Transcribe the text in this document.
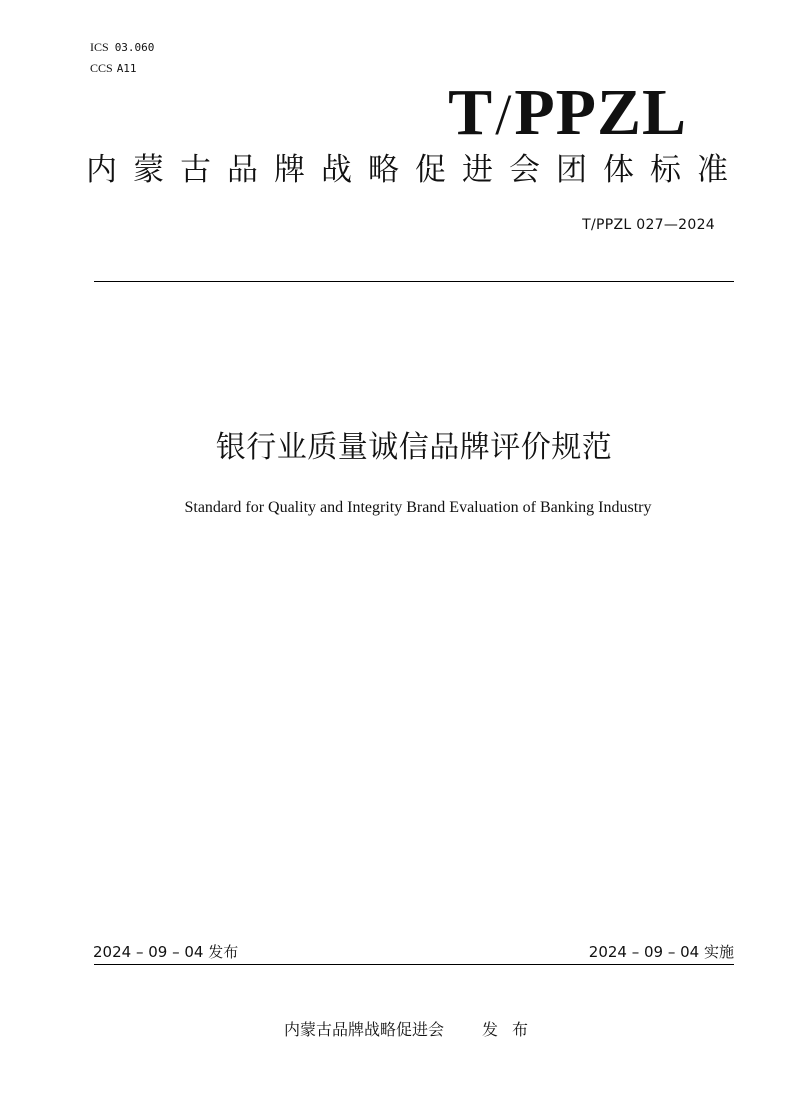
ICS 03.060
CCS A11
T/PPZL
内 蒙 古 品 牌 战 略 促 进 会 团 体 标 准
T/PPZL 027—2024
银行业质量诚信品牌评价规范
Standard for Quality and Integrity Brand Evaluation of Banking Industry
2024 – 09 – 04 发布	2024 – 09 – 04 实施
内蒙古品牌战略促进会 发 布
